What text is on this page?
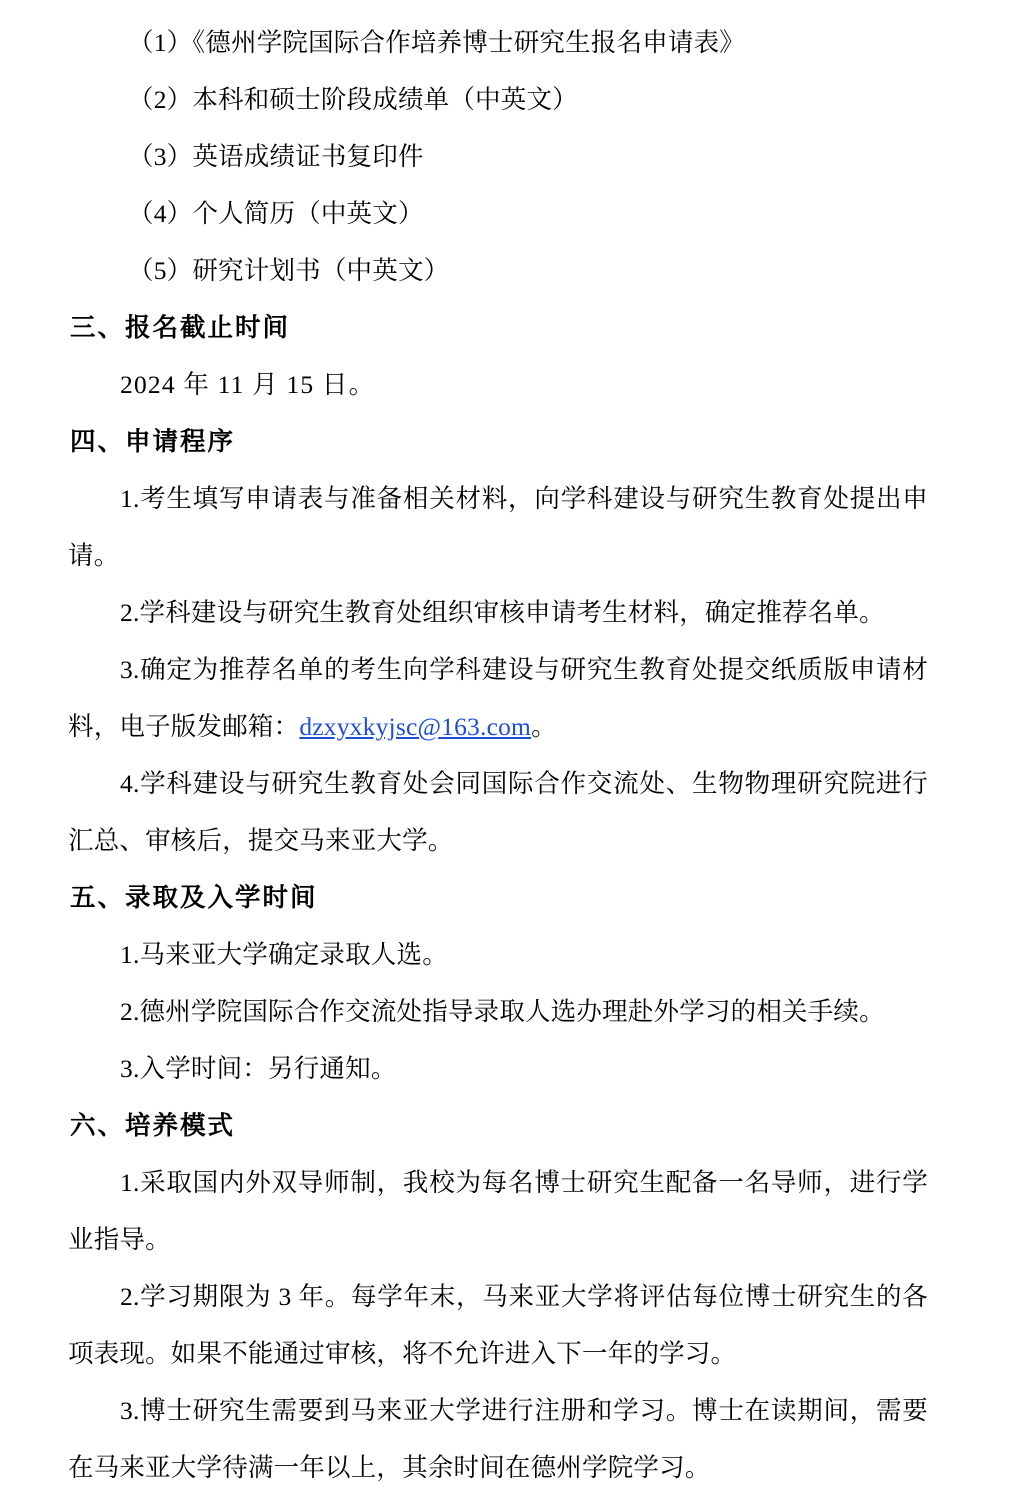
（1）《德州学院国际合作培养博士研究生报名申请表》

（2）本科和硕士阶段成绩单（中英文）

（3）英语成绩证书复印件

（4）个人简历（中英文）

（5）研究计划书（中英文）

三、报名截止时间

2024 年 11 月 15 日。

四、申请程序

1.考生填写申请表与准备相关材料，向学科建设与研究生教育处提出申请。

2.学科建设与研究生教育处组织审核申请考生材料，确定推荐名单。

3.确定为推荐名单的考生向学科建设与研究生教育处提交纸质版申请材料，电子版发邮箱：dzxyxkyjsc@163.com。

4.学科建设与研究生教育处会同国际合作交流处、生物物理研究院进行汇总、审核后，提交马来亚大学。

五、录取及入学时间

1.马来亚大学确定录取人选。

2.德州学院国际合作交流处指导录取人选办理赴外学习的相关手续。

3.入学时间：另行通知。

六、培养模式

1.采取国内外双导师制，我校为每名博士研究生配备一名导师，进行学业指导。

2.学习期限为 3 年。每学年末，马来亚大学将评估每位博士研究生的各项表现。如果不能通过审核，将不允许进入下一年的学习。

3.博士研究生需要到马来亚大学进行注册和学习。博士在读期间，需要在马来亚大学待满一年以上，其余时间在德州学院学习。
